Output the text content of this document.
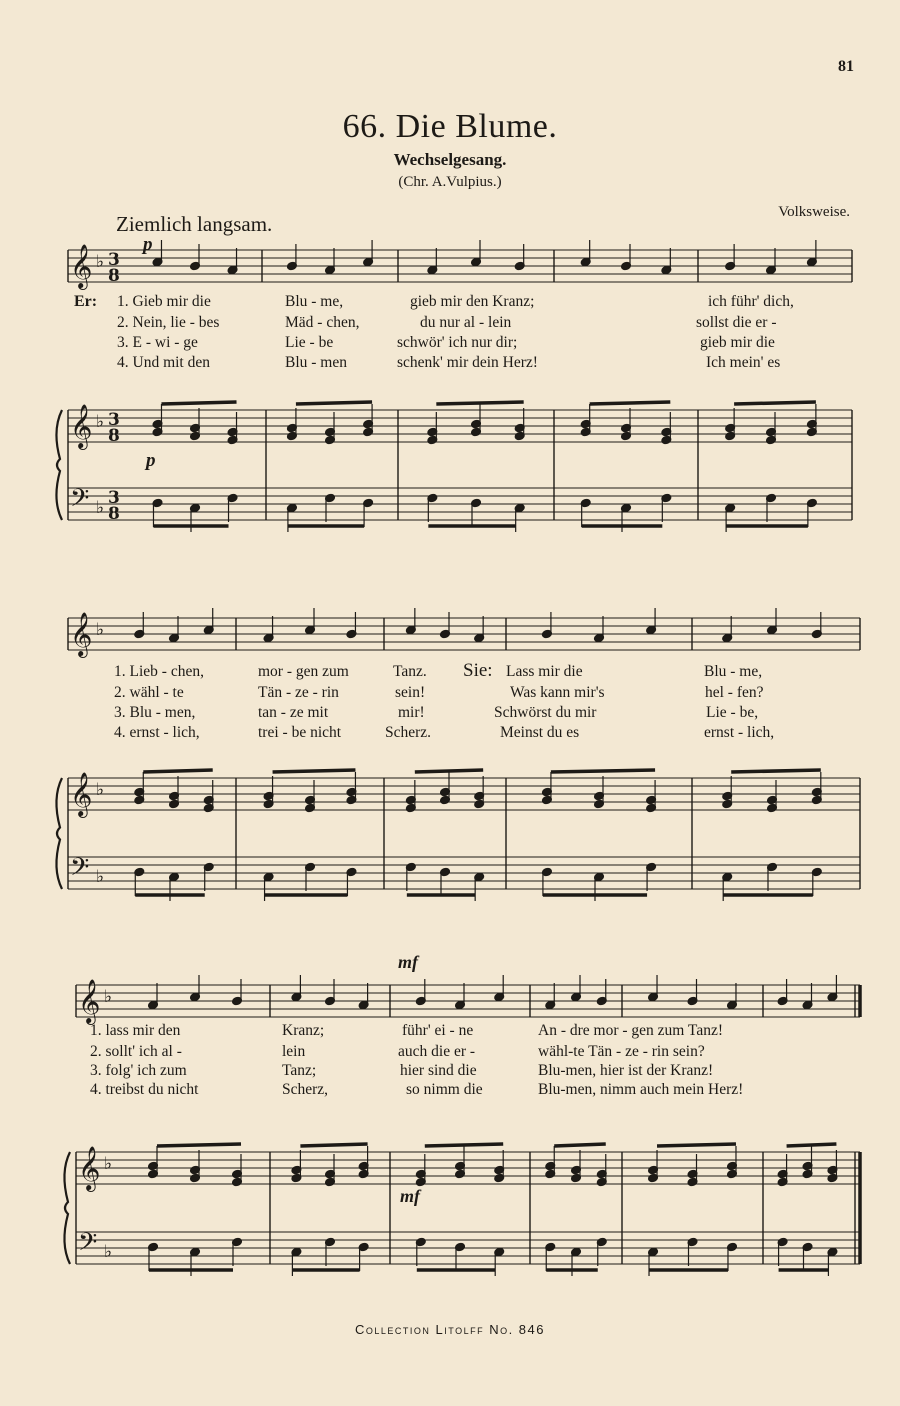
81
66. Die Blume.
Wechselgesang.
(Chr. A.Vulpius.)
Volksweise.
Ziemlich langsam.
𝄞
𝄞
𝄢
♭
♭
♭
3
8
3
8
3
8
𝄞
𝄞
𝄢
♭
♭
♭
𝄞
𝄞
𝄢
♭
♭
♭
Er:
Sie:
p
p
mf
mf
1. Gieb mir die	Blu - me,	gieb mir den Kranz;	ich führ' dich,
2. Nein, lie - bes	Mäd - chen,	du nur al - lein	sollst die er -
3. E - wi - ge	Lie - be	schwör' ich nur dir;	gieb mir die
4. Und mit den	Blu - men	schenk' mir dein Herz!	Ich mein' es
1. Lieb - chen,	mor - gen zum	Tanz.	Lass mir die	Blu - me,
2. wähl - te	Tän - ze - rin	sein!	Was kann mir's	hel - fen?
3. Blu - men,	tan - ze mit	mir!	Schwörst du mir	Lie - be,
4. ernst - lich,	trei - be nicht	Scherz.	Meinst du es	ernst - lich,
1. lass mir den	Kranz;	führ' ei - ne	An - dre mor - gen zum Tanz!
2. sollt' ich al -	lein	auch die er -	wähl-te Tän - ze - rin sein?
3. folg' ich zum	Tanz;	hier sind die	Blu-men, hier ist der Kranz!
4. treibst du nicht	Scherz,	so nimm die	Blu-men, nimm auch mein Herz!
Collection Litolff No. 846
